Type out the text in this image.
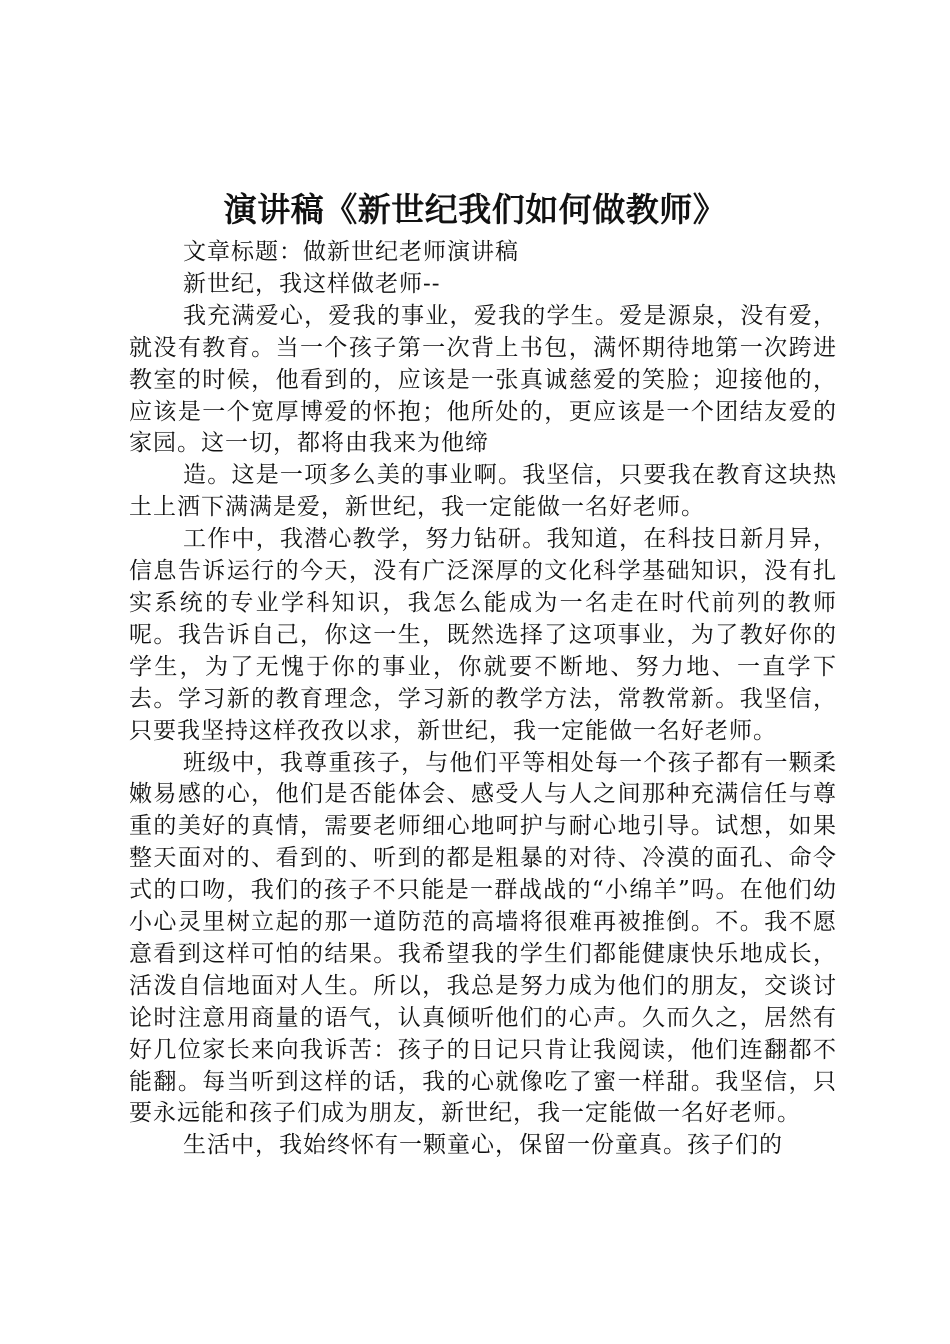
演讲稿《新世纪我们如何做教师》

文章标题：做新世纪老师演讲稿

新世纪，我这样做老师--

我充满爱心，爱我的事业，爱我的学生。爱是源泉，没有爱，就没有教育。当一个孩子第一次背上书包，满怀期待地第一次跨进教室的时候，他看到的，应该是一张真诚慈爱的笑脸；迎接他的，应该是一个宽厚博爱的怀抱；他所处的，更应该是一个团结友爱的家园。这一切，都将由我来为他缔

造。这是一项多么美的事业啊。我坚信，只要我在教育这块热土上洒下满满是爱，新世纪，我一定能做一名好老师。

工作中，我潜心教学，努力钻研。我知道，在科技日新月异，信息告诉运行的今天，没有广泛深厚的文化科学基础知识，没有扎实系统的专业学科知识，我怎么能成为一名走在时代前列的教师呢。我告诉自己，你这一生，既然选择了这项事业，为了教好你的学生，为了无愧于你的事业，你就要不断地、努力地、一直学下去。学习新的教育理念，学习新的教学方法，常教常新。我坚信，只要我坚持这样孜孜以求，新世纪，我一定能做一名好老师。

班级中，我尊重孩子，与他们平等相处每一个孩子都有一颗柔嫩易感的心，他们是否能体会、感受人与人之间那种充满信任与尊重的美好的真情，需要老师细心地呵护与耐心地引导。试想，如果整天面对的、看到的、听到的都是粗暴的对待、冷漠的面孔、命令式的口吻，我们的孩子不只能是一群战战的“小绵羊”吗。在他们幼小心灵里树立起的那一道防范的高墙将很难再被推倒。不。我不愿意看到这样可怕的结果。我希望我的学生们都能健康快乐地成长，活泼自信地面对人生。所以，我总是努力成为他们的朋友，交谈讨论时注意用商量的语气，认真倾听他们的心声。久而久之，居然有好几位家长来向我诉苦：孩子的日记只肯让我阅读，他们连翻都不能翻。每当听到这样的话，我的心就像吃了蜜一样甜。我坚信，只要永远能和孩子们成为朋友，新世纪，我一定能做一名好老师。

生活中，我始终怀有一颗童心，保留一份童真。孩子们的
